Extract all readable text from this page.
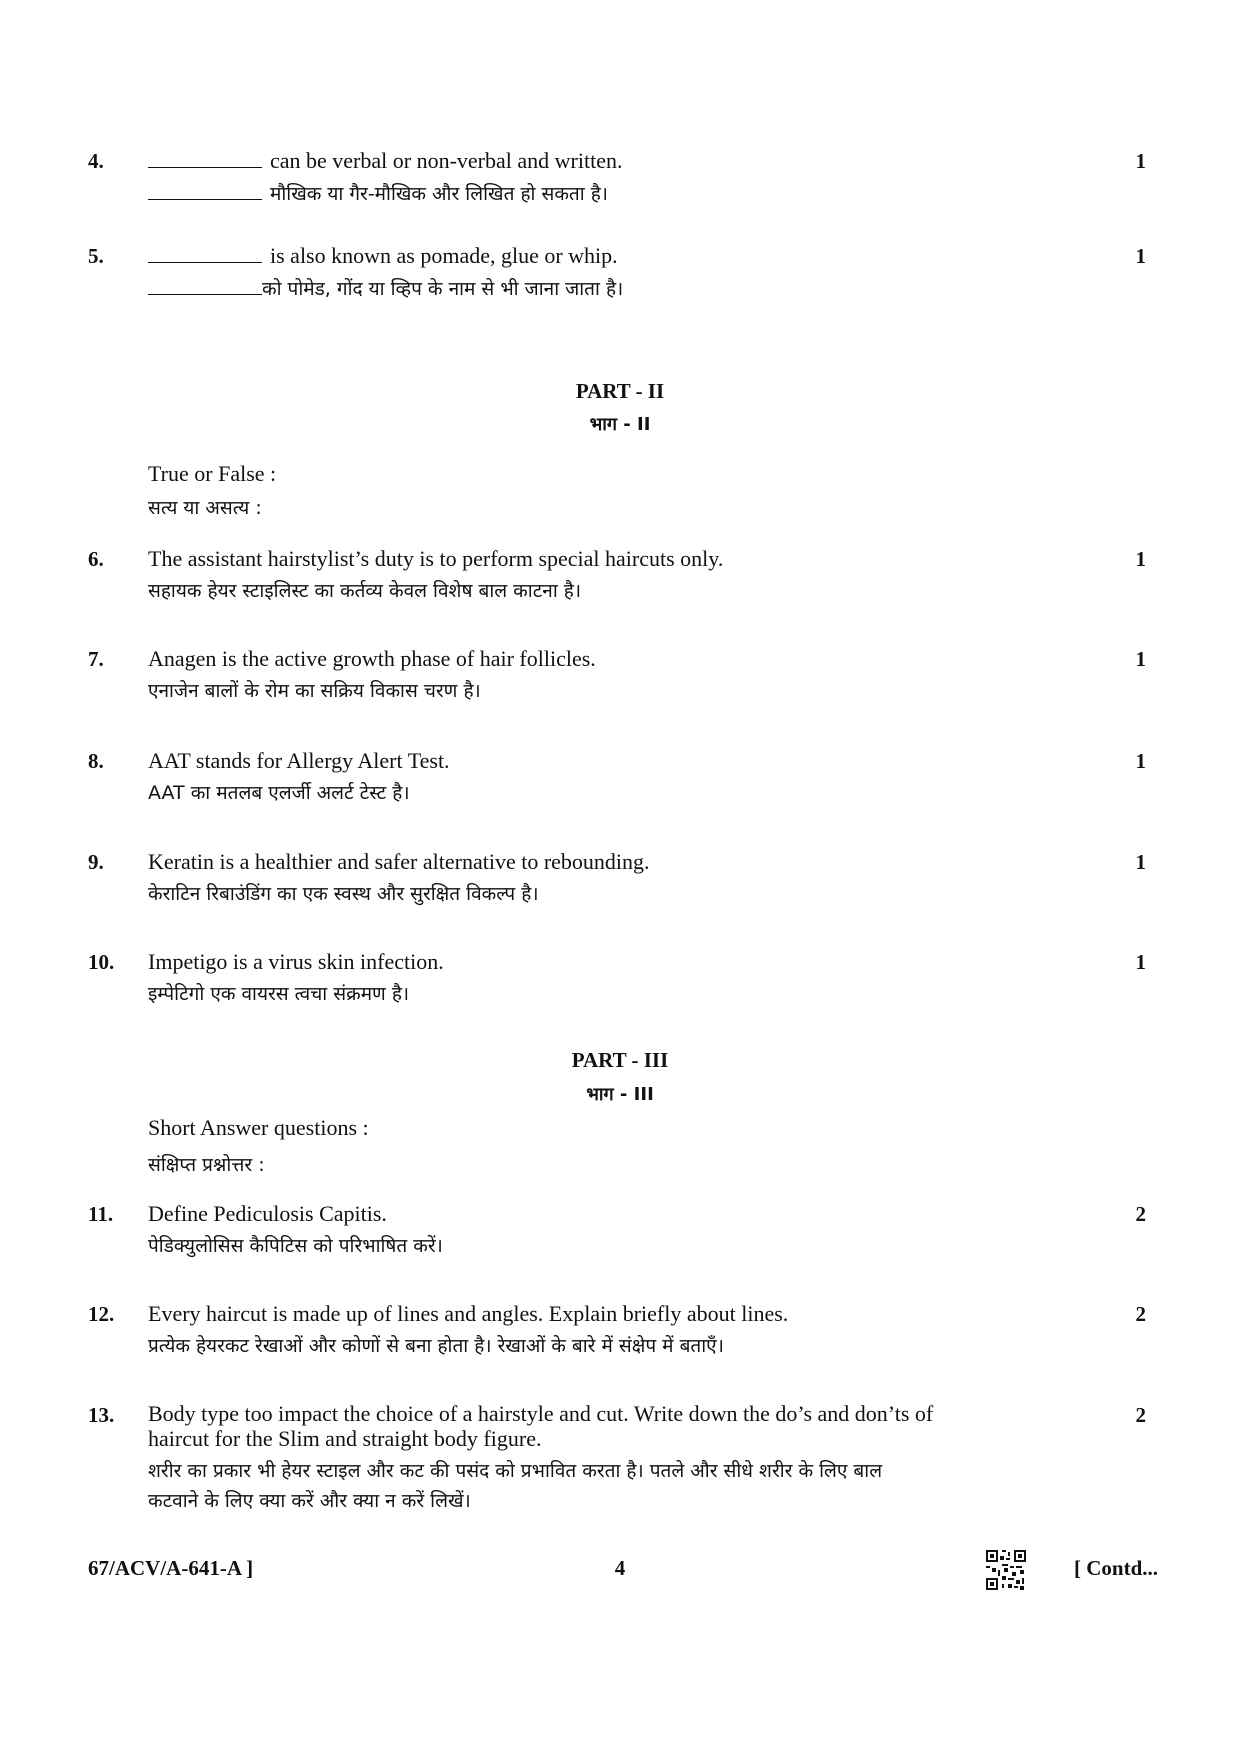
4.	can be verbal or non-verbal and written.
मौखिक या गैर-मौखिक और लिखित हो सकता है।
1
5.	is also known as pomade, glue or whip.
को पोमेड, गोंद या व्हिप के नाम से भी जाना जाता है।
1
PART - II
भाग - II
True or False :
सत्य या असत्य :
6. The assistant hairstylist’s duty is to perform special haircuts only.
सहायक हेयर स्टाइलिस्ट का कर्तव्य केवल विशेष बाल काटना है।
1
7. Anagen is the active growth phase of hair follicles.
एनाजेन बालों के रोम का सक्रिय विकास चरण है।
1
8. AAT stands for Allergy Alert Test.
AAT का मतलब एलर्जी अलर्ट टेस्ट है।
1
9. Keratin is a healthier and safer alternative to rebounding.
केराटिन रिबाउंडिंग का एक स्वस्थ और सुरक्षित विकल्प है।
1
10. Impetigo is a virus skin infection.
इम्पेटिगो एक वायरस त्वचा संक्रमण है।
1
PART - III
भाग - III
Short Answer questions :
संक्षिप्त प्रश्नोत्तर :
11. Define Pediculosis Capitis.
पेडिक्युलोसिस कैपिटिस को परिभाषित करें।
2
12. Every haircut is made up of lines and angles. Explain briefly about lines.
प्रत्येक हेयरकट रेखाओं और कोणों से बना होता है। रेखाओं के बारे में संक्षेप में बताएँ।
2
13. Body type too impact the choice of a hairstyle and cut. Write down the do’s and don’ts of
haircut for the Slim and straight body figure.
शरीर का प्रकार भी हेयर स्टाइल और कट की पसंद को प्रभावित करता है। पतले और सीधे शरीर के लिए बाल
कटवाने के लिए क्या करें और क्या न करें लिखें।
2
67/ACV/A-641-A ]	4	[ Contd...
